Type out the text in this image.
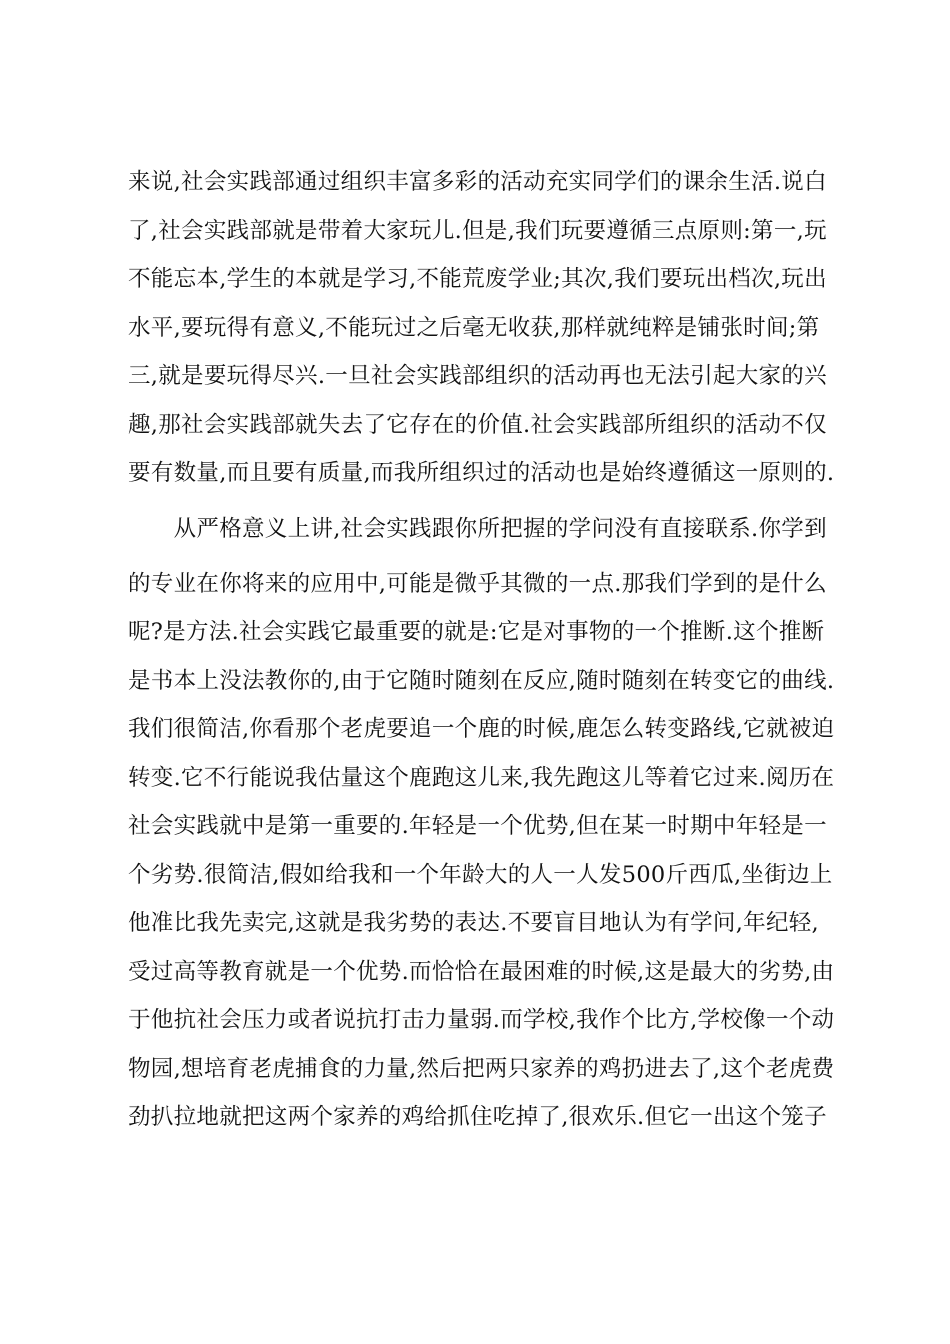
来说,社会实践部通过组织丰富多彩的活动充实同学们的课余生活.说白
了,社会实践部就是带着大家玩儿.但是,我们玩要遵循三点原则:第一,玩
不能忘本,学生的本就是学习,不能荒废学业;其次,我们要玩出档次,玩出
水平,要玩得有意义,不能玩过之后毫无收获,那样就纯粹是铺张时间;第
三,就是要玩得尽兴.一旦社会实践部组织的活动再也无法引起大家的兴
趣,那社会实践部就失去了它存在的价值.社会实践部所组织的活动不仅
要有数量,而且要有质量,而我所组织过的活动也是始终遵循这一原则的.
　　从严格意义上讲,社会实践跟你所把握的学问没有直接联系.你学到
的专业在你将来的应用中,可能是微乎其微的一点.那我们学到的是什么
呢?是方法.社会实践它最重要的就是:它是对事物的一个推断.这个推断
是书本上没法教你的,由于它随时随刻在反应,随时随刻在转变它的曲线.
我们很简洁,你看那个老虎要追一个鹿的时候,鹿怎么转变路线,它就被迫
转变.它不行能说我估量这个鹿跑这儿来,我先跑这儿等着它过来.阅历在
社会实践就中是第一重要的.年轻是一个优势,但在某一时期中年轻是一
个劣势.很简洁,假如给我和一个年龄大的人一人发500斤西瓜,坐街边上
他准比我先卖完,这就是我劣势的表达.不要盲目地认为有学问,年纪轻,
受过高等教育就是一个优势.而恰恰在最困难的时候,这是最大的劣势,由
于他抗社会压力或者说抗打击力量弱.而学校,我作个比方,学校像一个动
物园,想培育老虎捕食的力量,然后把两只家养的鸡扔进去了,这个老虎费
劲扒拉地就把这两个家养的鸡给抓住吃掉了,很欢乐.但它一出这个笼子
